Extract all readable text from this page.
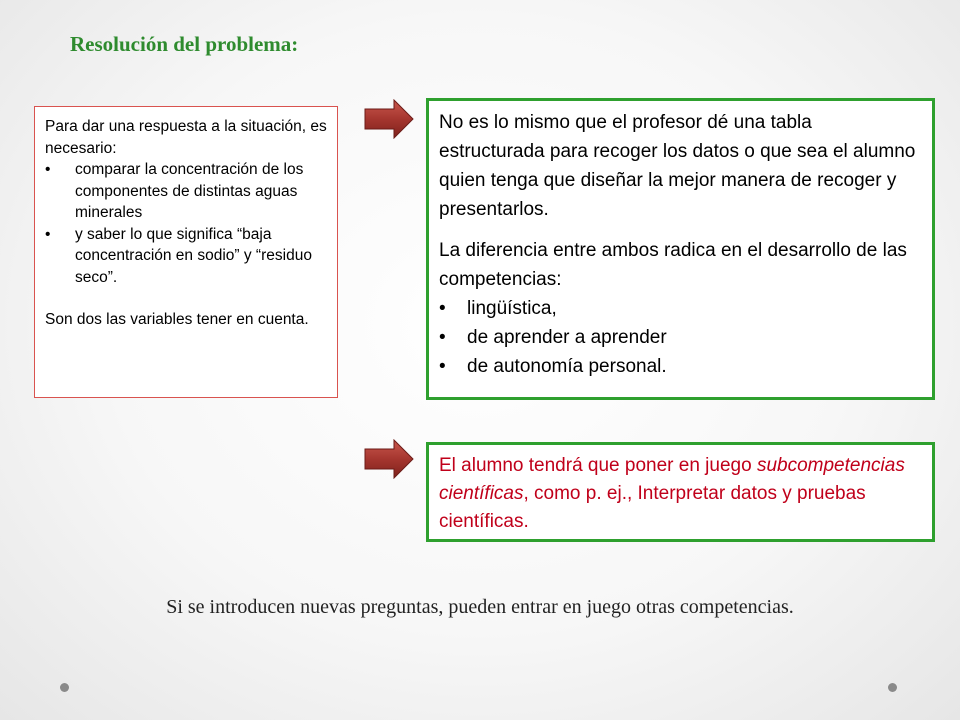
Resolución del problema:
Para dar una respuesta a la situación, es necesario:
• comparar la concentración de los componentes de distintas aguas minerales
• y saber lo que significa “baja concentración en sodio” y “residuo seco”.
Son dos las variables tener en cuenta.

No es lo mismo que el profesor dé una tabla estructurada para recoger los datos o que sea el alumno quien tenga que diseñar la mejor manera de recoger y presentarlos.

La diferencia entre ambos radica en el desarrollo de las competencias:

• lingüística,
• de aprender a aprender
• de autonomía personal.
El alumno tendrá que poner en juego subcompetencias científicas, como p. ej., Interpretar datos y pruebas científicas.
Si se introducen nuevas preguntas, pueden entrar en juego otras competencias.
